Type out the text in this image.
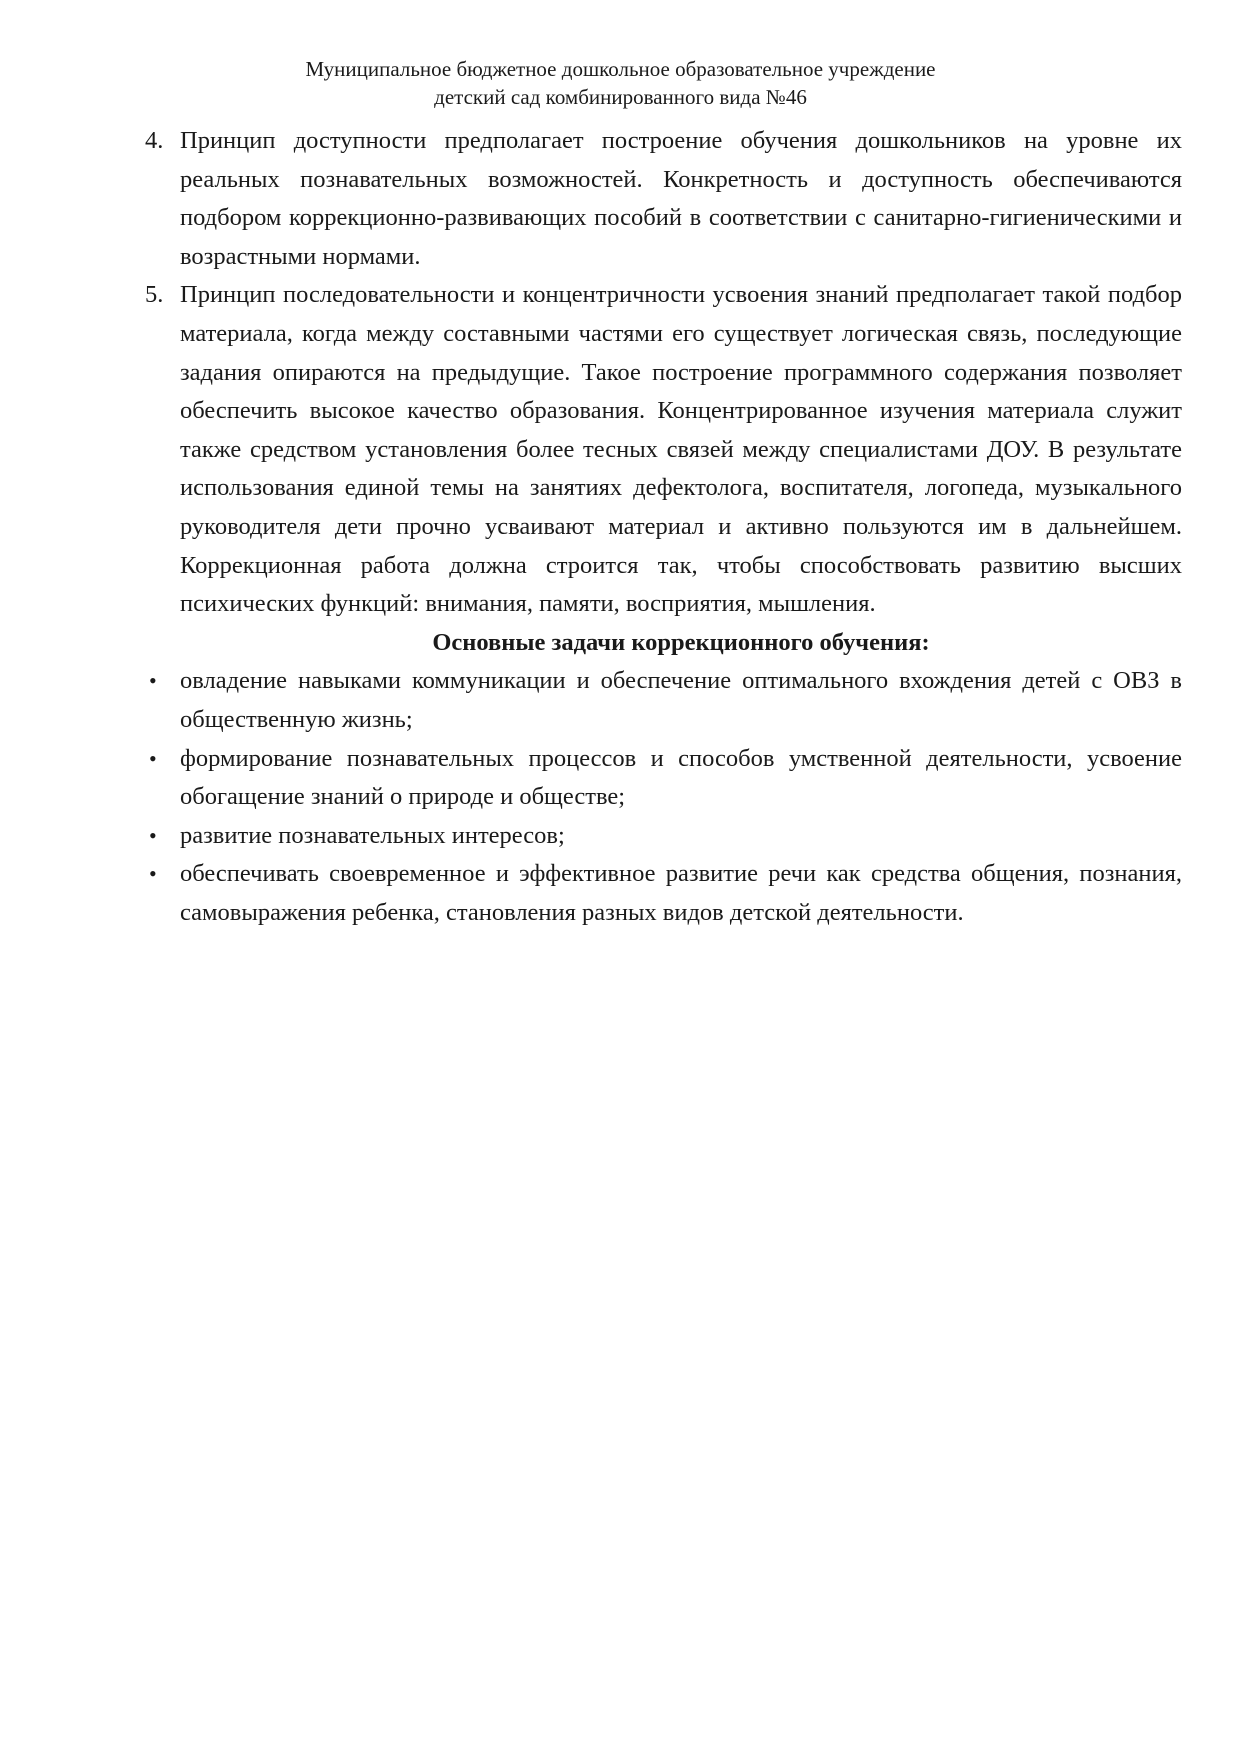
Муниципальное бюджетное дошкольное образовательное учреждение
детский сад комбинированного вида №46
4. Принцип доступности предполагает построение обучения дошкольников на уровне их реальных познавательных возможностей. Конкретность и доступность обеспечиваются подбором коррекционно-развивающих пособий в соответствии с санитарно-гигиеническими и возрастными нормами.
5. Принцип последовательности и концентричности усвоения знаний предполагает такой подбор материала, когда между составными частями его существует логическая связь, последующие задания опираются на предыдущие. Такое построение программного содержания позволяет обеспечить высокое качество образования. Концентрированное изучения материала служит также средством установления более тесных связей между специалистами ДОУ. В результате использования единой темы на занятиях дефектолога, воспитателя, логопеда, музыкального руководителя дети прочно усваивают материал и активно пользуются им в дальнейшем. Коррекционная работа должна строится так, чтобы способствовать развитию высших психических функций: внимания, памяти, восприятия, мышления.
Основные задачи коррекционного обучения:
• овладение навыками коммуникации и обеспечение оптимального вхождения детей с ОВЗ в общественную жизнь;
• формирование познавательных процессов и способов умственной деятельности, усвоение обогащение знаний о природе и обществе;
• развитие познавательных интересов;
• обеспечивать своевременное и эффективное развитие речи как средства общения, познания, самовыражения ребенка, становления разных видов детской деятельности.
